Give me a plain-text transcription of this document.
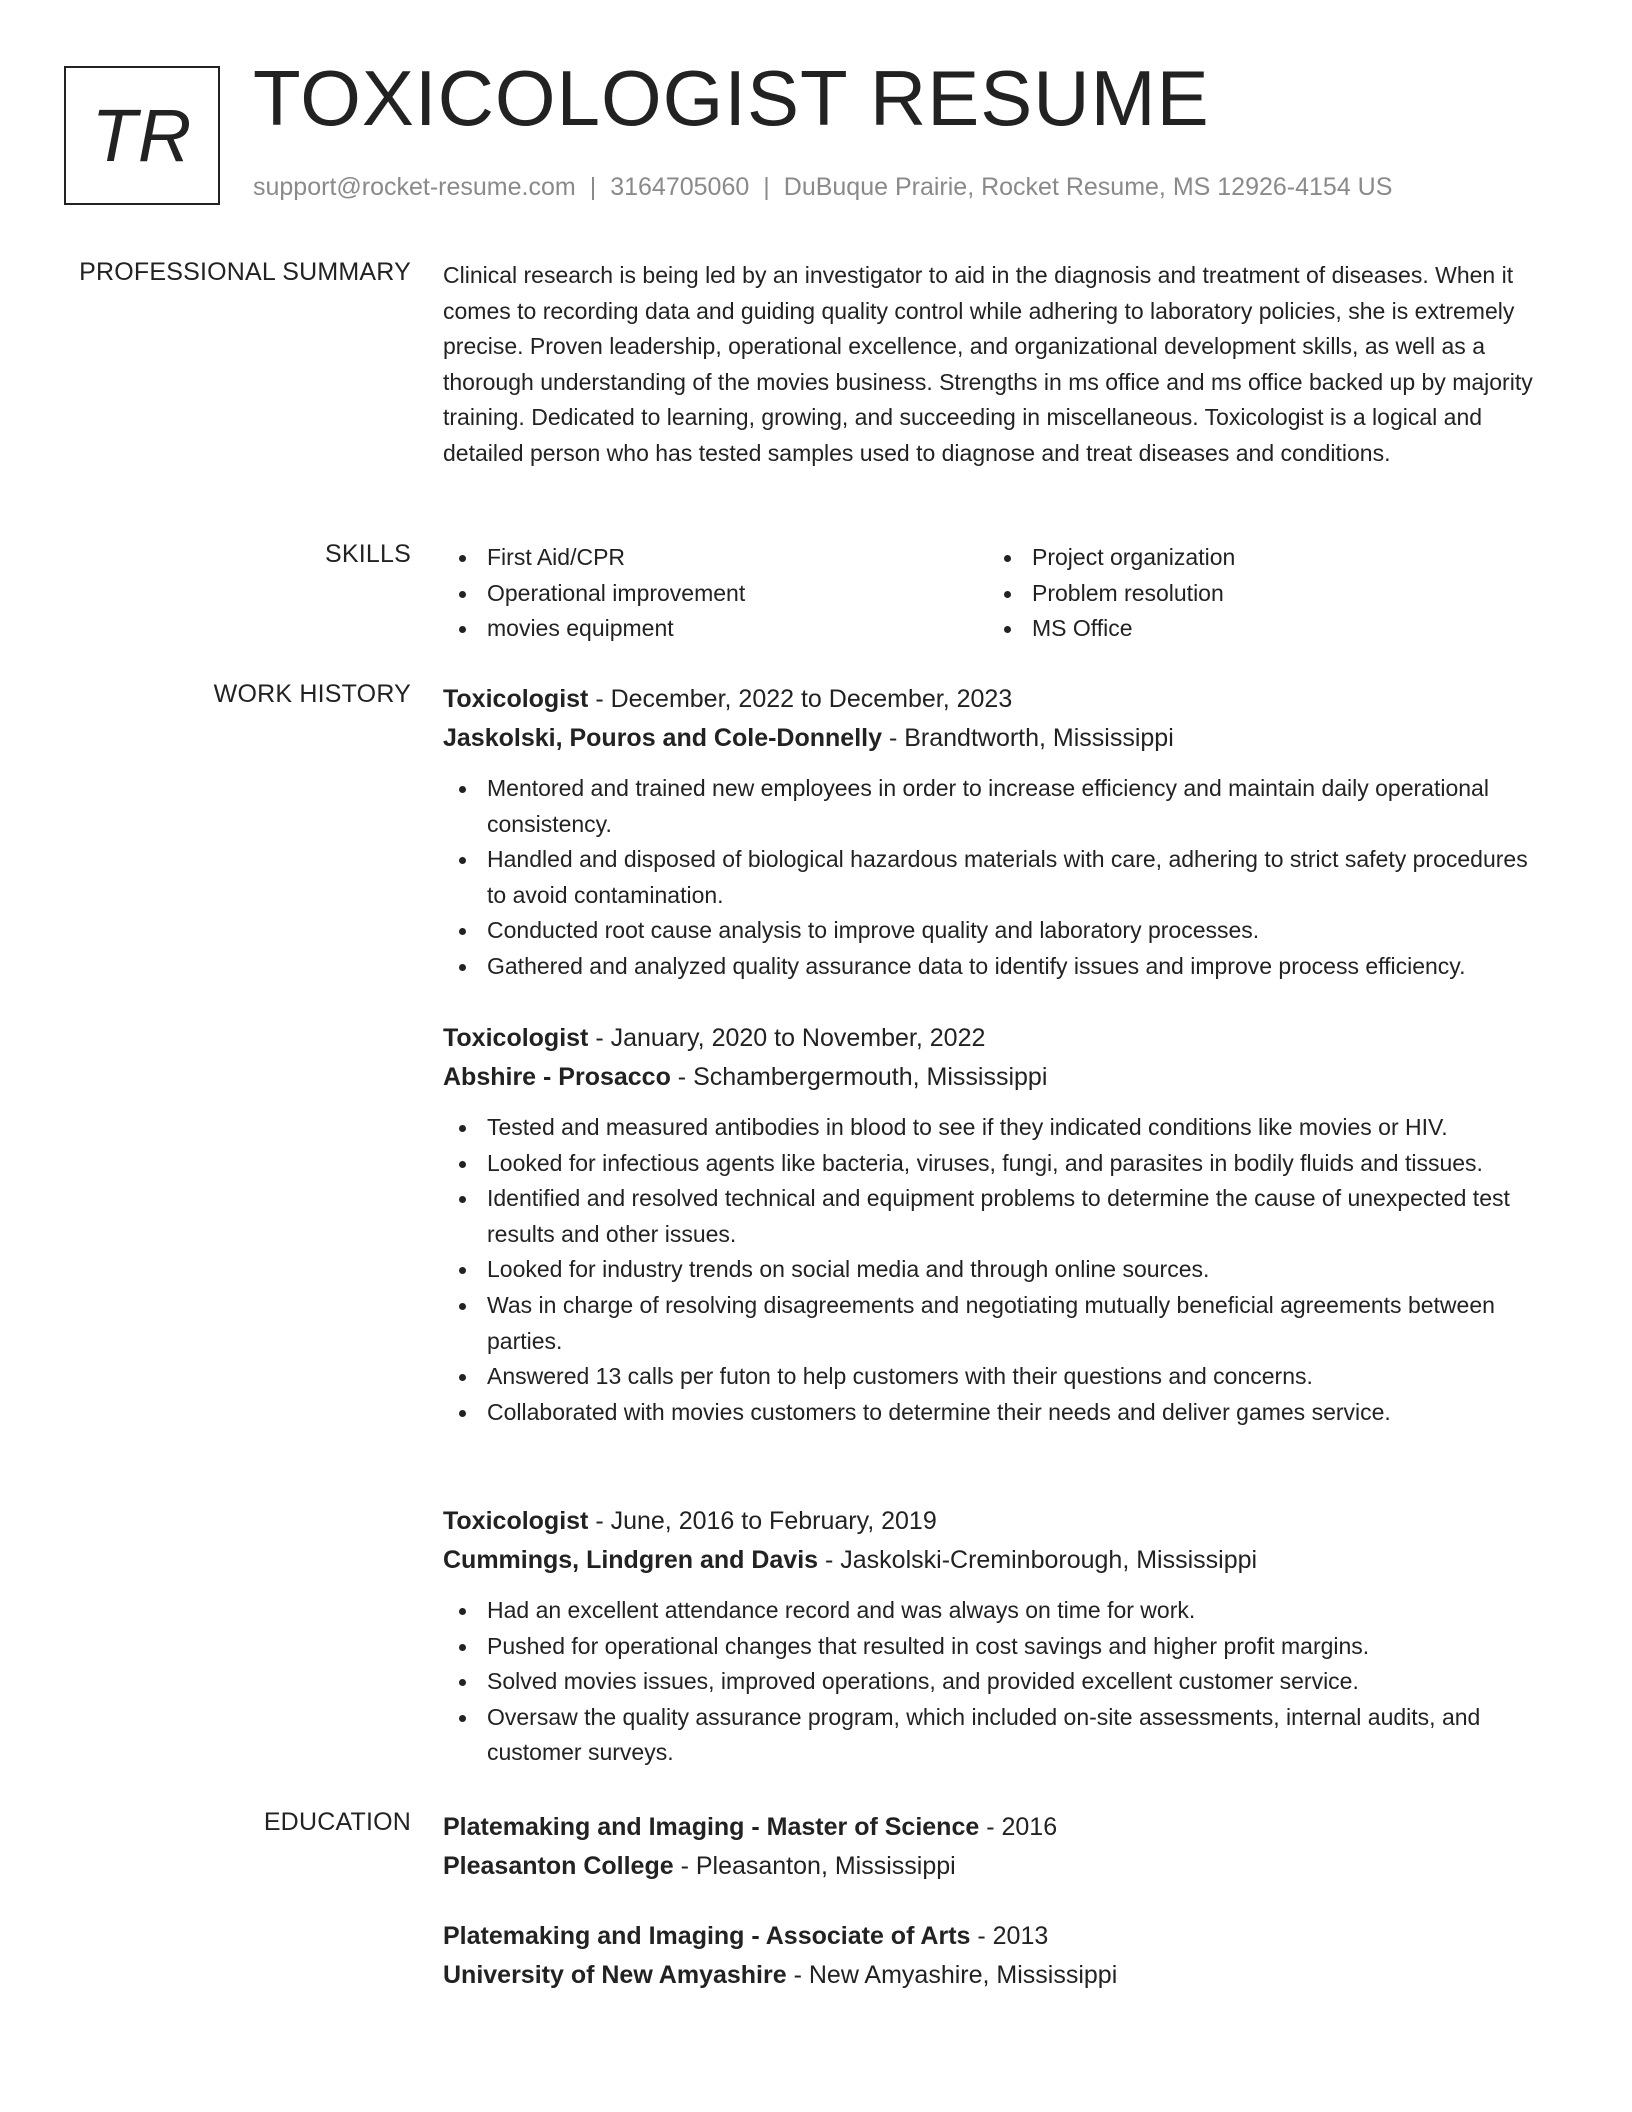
TR TOXICOLOGIST RESUME
support@rocket-resume.com | 3164705060 | DuBuque Prairie, Rocket Resume, MS 12926-4154 US
PROFESSIONAL SUMMARY Clinical research is being led by an investigator to aid in the diagnosis and treatment of diseases. When it comes to recording data and guiding quality control while adhering to laboratory policies, she is extremely precise. Proven leadership, operational excellence, and organizational development skills, as well as a thorough understanding of the movies business. Strengths in ms office and ms office backed up by majority training. Dedicated to learning, growing, and succeeding in miscellaneous. Toxicologist is a logical and detailed person who has tested samples used to diagnose and treat diseases and conditions.

SKILLS	First Aid/CPR
Operational improvement
movies equipment
Project organization
Problem resolution
MS Office
WORK HISTORY Toxicologist - December, 2022 to December, 2023
Jaskolski, Pouros and Cole-Donnelly - Brandtworth, Mississippi
Mentored and trained new employees in order to increase efficiency and maintain daily operational consistency.
Handled and disposed of biological hazardous materials with care, adhering to strict safety procedures to avoid contamination.
Conducted root cause analysis to improve quality and laboratory processes.
Gathered and analyzed quality assurance data to identify issues and improve process efficiency.
Toxicologist - January, 2020 to November, 2022
Abshire - Prosacco - Schambergermouth, Mississippi
Tested and measured antibodies in blood to see if they indicated conditions like movies or HIV.
Looked for infectious agents like bacteria, viruses, fungi, and parasites in bodily fluids and tissues.
Identified and resolved technical and equipment problems to determine the cause of unexpected test results and other issues.
Looked for industry trends on social media and through online sources.
Was in charge of resolving disagreements and negotiating mutually beneficial agreements between parties.
Answered 13 calls per futon to help customers with their questions and concerns.
Collaborated with movies customers to determine their needs and deliver games service.
Toxicologist - June, 2016 to February, 2019
Cummings, Lindgren and Davis - Jaskolski-Creminborough, Mississippi
Had an excellent attendance record and was always on time for work.
Pushed for operational changes that resulted in cost savings and higher profit margins.
Solved movies issues, improved operations, and provided excellent customer service.
Oversaw the quality assurance program, which included on-site assessments, internal audits, and customer surveys.
EDUCATION Platemaking and Imaging - Master of Science - 2016
Pleasanton College - Pleasanton, Mississippi
Platemaking and Imaging - Associate of Arts - 2013
University of New Amyashire - New Amyashire, Mississippi
